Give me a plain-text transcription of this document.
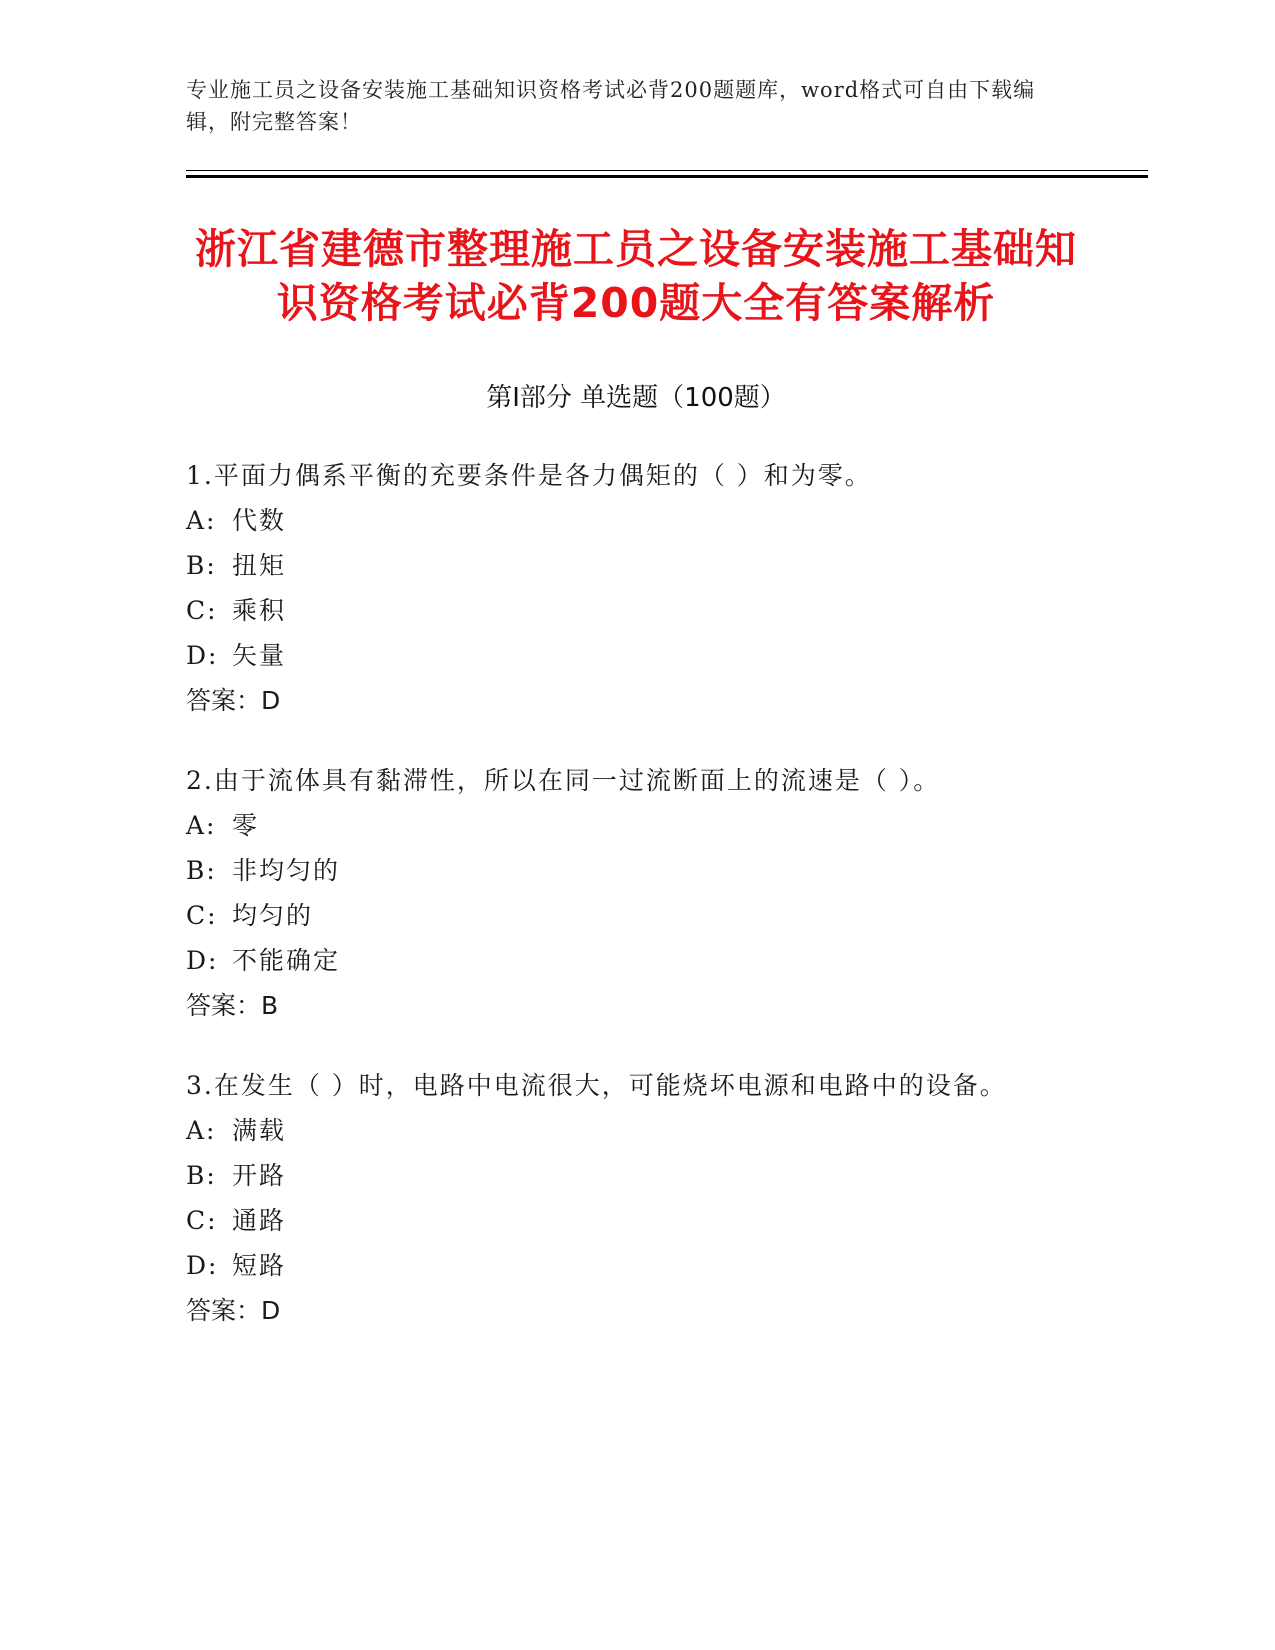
专业施工员之设备安装施工基础知识资格考试必背200题题库，word格式可自由下载编辑，附完整答案！
浙江省建德市整理施工员之设备安装施工基础知识资格考试必背200题大全有答案解析
第Ⅰ部分 单选题（100题）

1.平面力偶系平衡的充要条件是各力偶矩的（ ）和为零。

A: 代数

B: 扭矩

C: 乘积

D: 矢量

答案：D

2.由于流体具有黏滞性，所以在同一过流断面上的流速是（ ）。

A: 零

B: 非均匀的

C: 均匀的

D: 不能确定

答案：B

3.在发生（ ）时，电路中电流很大，可能烧坏电源和电路中的设备。

A: 满载

B: 开路

C: 通路

D: 短路

答案：D
